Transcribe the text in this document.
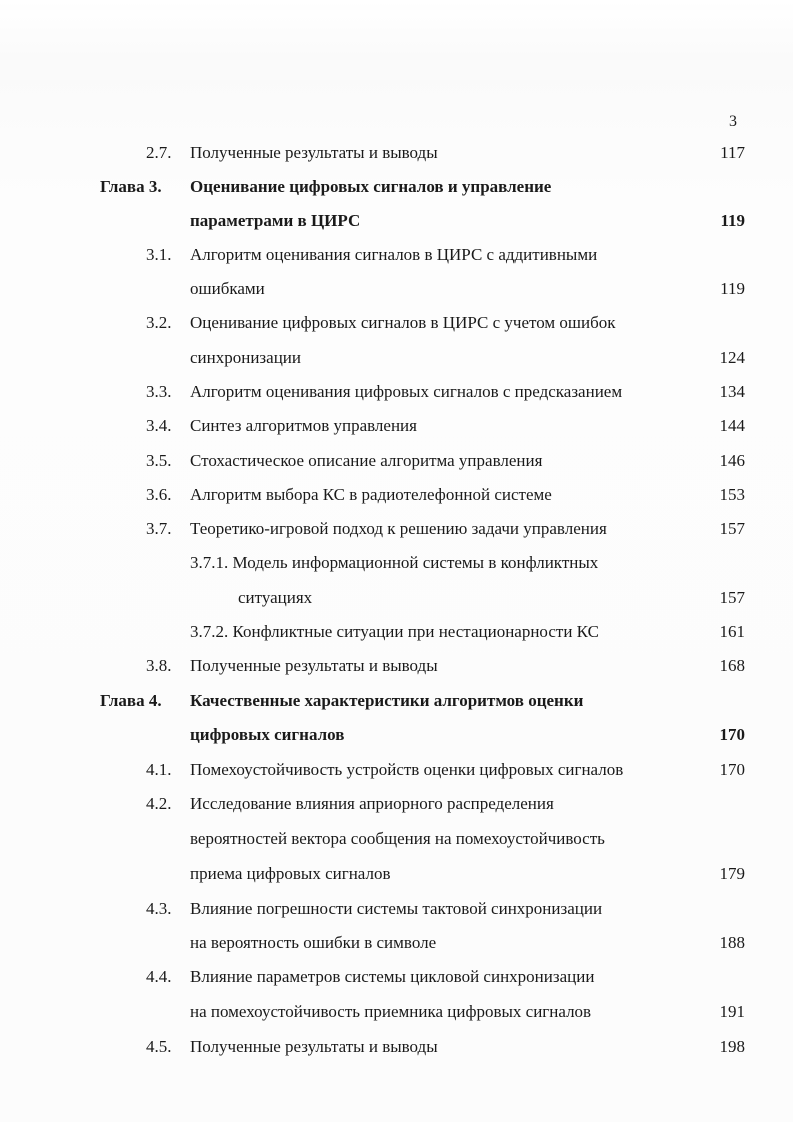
3
2.7. Полученные результаты и выводы	117
Глава 3. Оценивание цифровых сигналов и управление
параметрами в ЦИРС	119
3.1. Алгоритм оценивания сигналов в ЦИРС с аддитивными
ошибками	119
3.2. Оценивание цифровых сигналов в ЦИРС с учетом ошибок
синхронизации	124
3.3. Алгоритм оценивания цифровых сигналов с предсказанием	134
3.4. Синтез алгоритмов управления	144
3.5. Стохастическое описание алгоритма управления	146
3.6. Алгоритм выбора КС в радиотелефонной системе	153
3.7. Теоретико-игровой подход к решению задачи управления	157
3.7.1. Модель информационной системы в конфликтных
ситуациях	157
3.7.2. Конфликтные ситуации при нестационарности КС	161
3.8. Полученные результаты и выводы	168
Глава 4. Качественные характеристики алгоритмов оценки
цифровых сигналов	170
4.1. Помехоустойчивость устройств оценки цифровых сигналов	170
4.2. Исследование влияния априорного распределения
вероятностей вектора сообщения на помехоустойчивость
приема цифровых сигналов	179
4.3. Влияние погрешности системы тактовой синхронизации
на вероятность ошибки в символе	188
4.4. Влияние параметров системы цикловой синхронизации
на помехоустойчивость приемника цифровых сигналов	191
4.5. Полученные результаты и выводы	198
